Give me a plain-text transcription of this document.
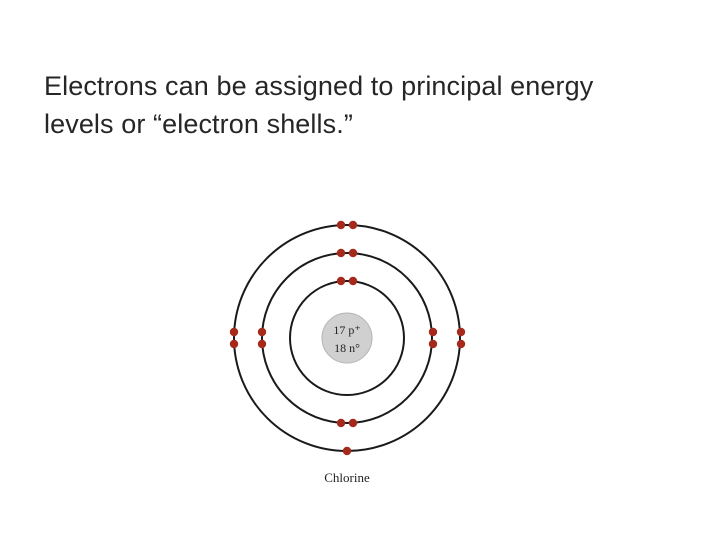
Electrons can be assigned to principal energy
levels or “electron shells.”
17 p⁺
18 n°
Chlorine
